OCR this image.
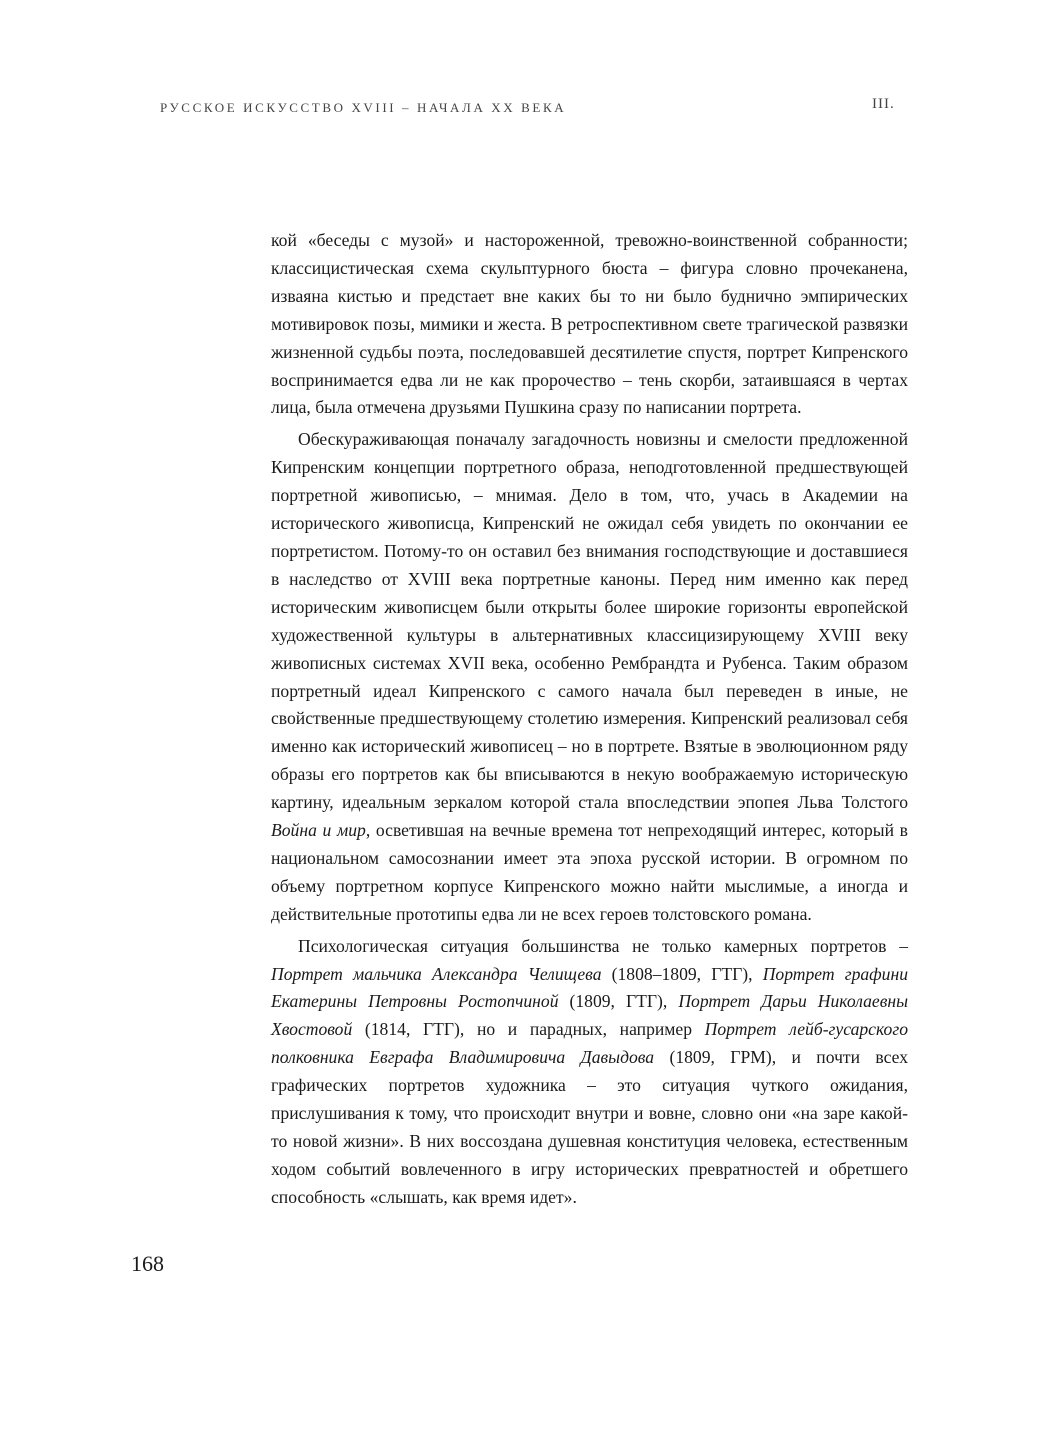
РУССКОЕ ИСКУССТВО XVIII – НАЧАЛА XX ВЕКА	III.

кой «беседы с музой» и настороженной, тревожно-воинственной собранности; классицистическая схема скульптурного бюста – фигура словно прочеканена, изваяна кистью и предстает вне каких бы то ни было буднично эмпирических мотивировок позы, мимики и жеста. В ретроспективном свете трагической развязки жизненной судьбы поэта, последовавшей десятилетие спустя, портрет Кипренского воспринимается едва ли не как пророчество – тень скорби, затаившаяся в чертах лица, была отмечена друзьями Пушкина сразу по написании портрета.

Обескураживающая поначалу загадочность новизны и смелости предложенной Кипренским концепции портретного образа, неподготовленной предшествующей портретной живописью, – мнимая. Дело в том, что, учась в Академии на исторического живописца, Кипренский не ожидал себя увидеть по окончании ее портретистом. Потому-то он оставил без внимания господствующие и доставшиеся в наследство от XVIII века портретные каноны. Перед ним именно как перед историческим живописцем были открыты более широкие горизонты европейской художественной культуры в альтернативных классицизирующему XVIII веку живописных системах XVII века, особенно Рембрандта и Рубенса. Таким образом портретный идеал Кипренского с самого начала был переведен в иные, не свойственные предшествующему столетию измерения. Кипренский реализовал себя именно как исторический живописец – но в портрете. Взятые в эволюционном ряду образы его портретов как бы вписываются в некую воображаемую историческую картину, идеальным зеркалом которой стала впоследствии эпопея Льва Толстого Война и мир, осветившая на вечные времена тот непреходящий интерес, который в национальном самосознании имеет эта эпоха русской истории. В огромном по объему портретном корпусе Кипренского можно найти мыслимые, а иногда и действительные прототипы едва ли не всех героев толстовского романа.

Психологическая ситуация большинства не только камерных портретов – Портрет мальчика Александра Челищева (1808–1809, ГТГ), Портрет графини Екатерины Петровны Ростопчиной (1809, ГТГ), Портрет Дарьи Николаевны Хвостовой (1814, ГТГ), но и парадных, например Портрет лейб-гусарского полковника Евграфа Владимировича Давыдова (1809, ГРМ), и почти всех графических портретов художника – это ситуация чуткого ожидания, прислушивания к тому, что происходит внутри и вовне, словно они «на заре какой-то новой жизни». В них воссоздана душевная конституция человека, естественным ходом событий вовлеченного в игру исторических превратностей и обретшего способность «слышать, как время идет».

168
